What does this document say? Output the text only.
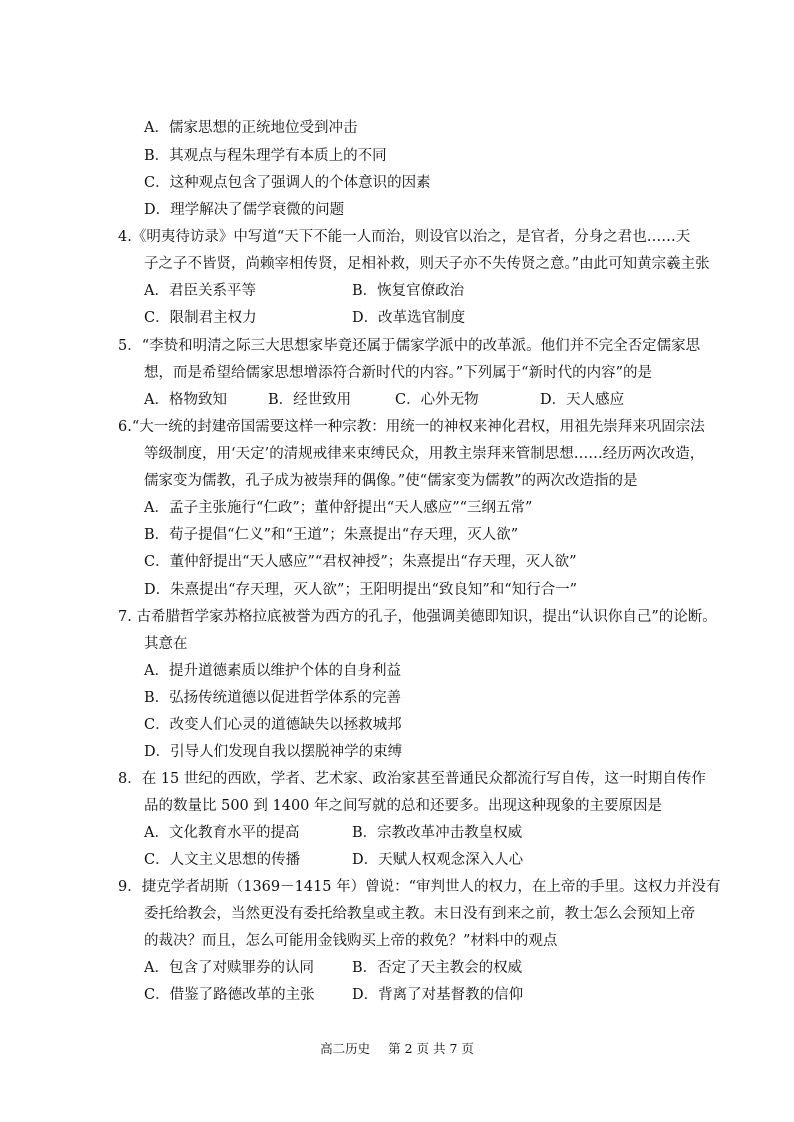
A．儒家思想的正统地位受到冲击
B．其观点与程朱理学有本质上的不同
C．这种观点包含了强调人的个体意识的因素
D．理学解决了儒学衰微的问题
4.《明夷待访录》中写道“天下不能一人而治，则设官以治之，是官者，分身之君也……天
子之子不皆贤，尚赖宰相传贤，足相补救，则天子亦不失传贤之意。”由此可知黄宗羲主张
A．君臣关系平等	B．恢复官僚政治
C．限制君主权力	D．改革选官制度
5．“李贽和明清之际三大思想家毕竟还属于儒家学派中的改革派。他们并不完全否定儒家思
想，而是希望给儒家思想增添符合新时代的内容。”下列属于“新时代的内容”的是
A．格物致知	B．经世致用	C．心外无物	D．天人感应
6.“大一统的封建帝国需要这样一种宗教：用统一的神权来神化君权，用祖先崇拜来巩固宗法
等级制度，用‘天定’的清规戒律来束缚民众，用教主崇拜来管制思想……经历两次改造，
儒家变为儒教，孔子成为被崇拜的偶像。”使“儒家变为儒教”的两次改造指的是
A．孟子主张施行“仁政”；董仲舒提出“天人感应”“三纲五常”
B．荀子提倡“仁义”和“王道”；朱熹提出“存天理，灭人欲”
C．董仲舒提出“天人感应”“君权神授”；朱熹提出“存天理，灭人欲”
D．朱熹提出“存天理，灭人欲”；王阳明提出“致良知”和“知行合一”
7. 古希腊哲学家苏格拉底被誉为西方的孔子，他强调美德即知识，提出“认识你自己”的论断。
其意在
A．提升道德素质以维护个体的自身利益
B．弘扬传统道德以促进哲学体系的完善
C．改变人们心灵的道德缺失以拯救城邦
D．引导人们发现自我以摆脱神学的束缚
8．在 15 世纪的西欧，学者、艺术家、政治家甚至普通民众都流行写自传，这一时期自传作
品的数量比 500 到 1400 年之间写就的总和还要多。出现这种现象的主要原因是
A．文化教育水平的提高	B．宗教改革冲击教皇权威
C．人文主义思想的传播	D．天赋人权观念深入人心
9．捷克学者胡斯（1369－1415 年）曾说：“审判世人的权力，在上帝的手里。这权力并没有
委托给教会，当然更没有委托给教皇或主教。末日没有到来之前，教士怎么会预知上帝
的裁决？而且，怎么可能用金钱购买上帝的救免？”材料中的观点
A．包含了对赎罪券的认同	B．否定了天主教会的权威
C．借鉴了路德改革的主张	D．背离了对基督教的信仰
高二历史 第 2 页 共 7 页
